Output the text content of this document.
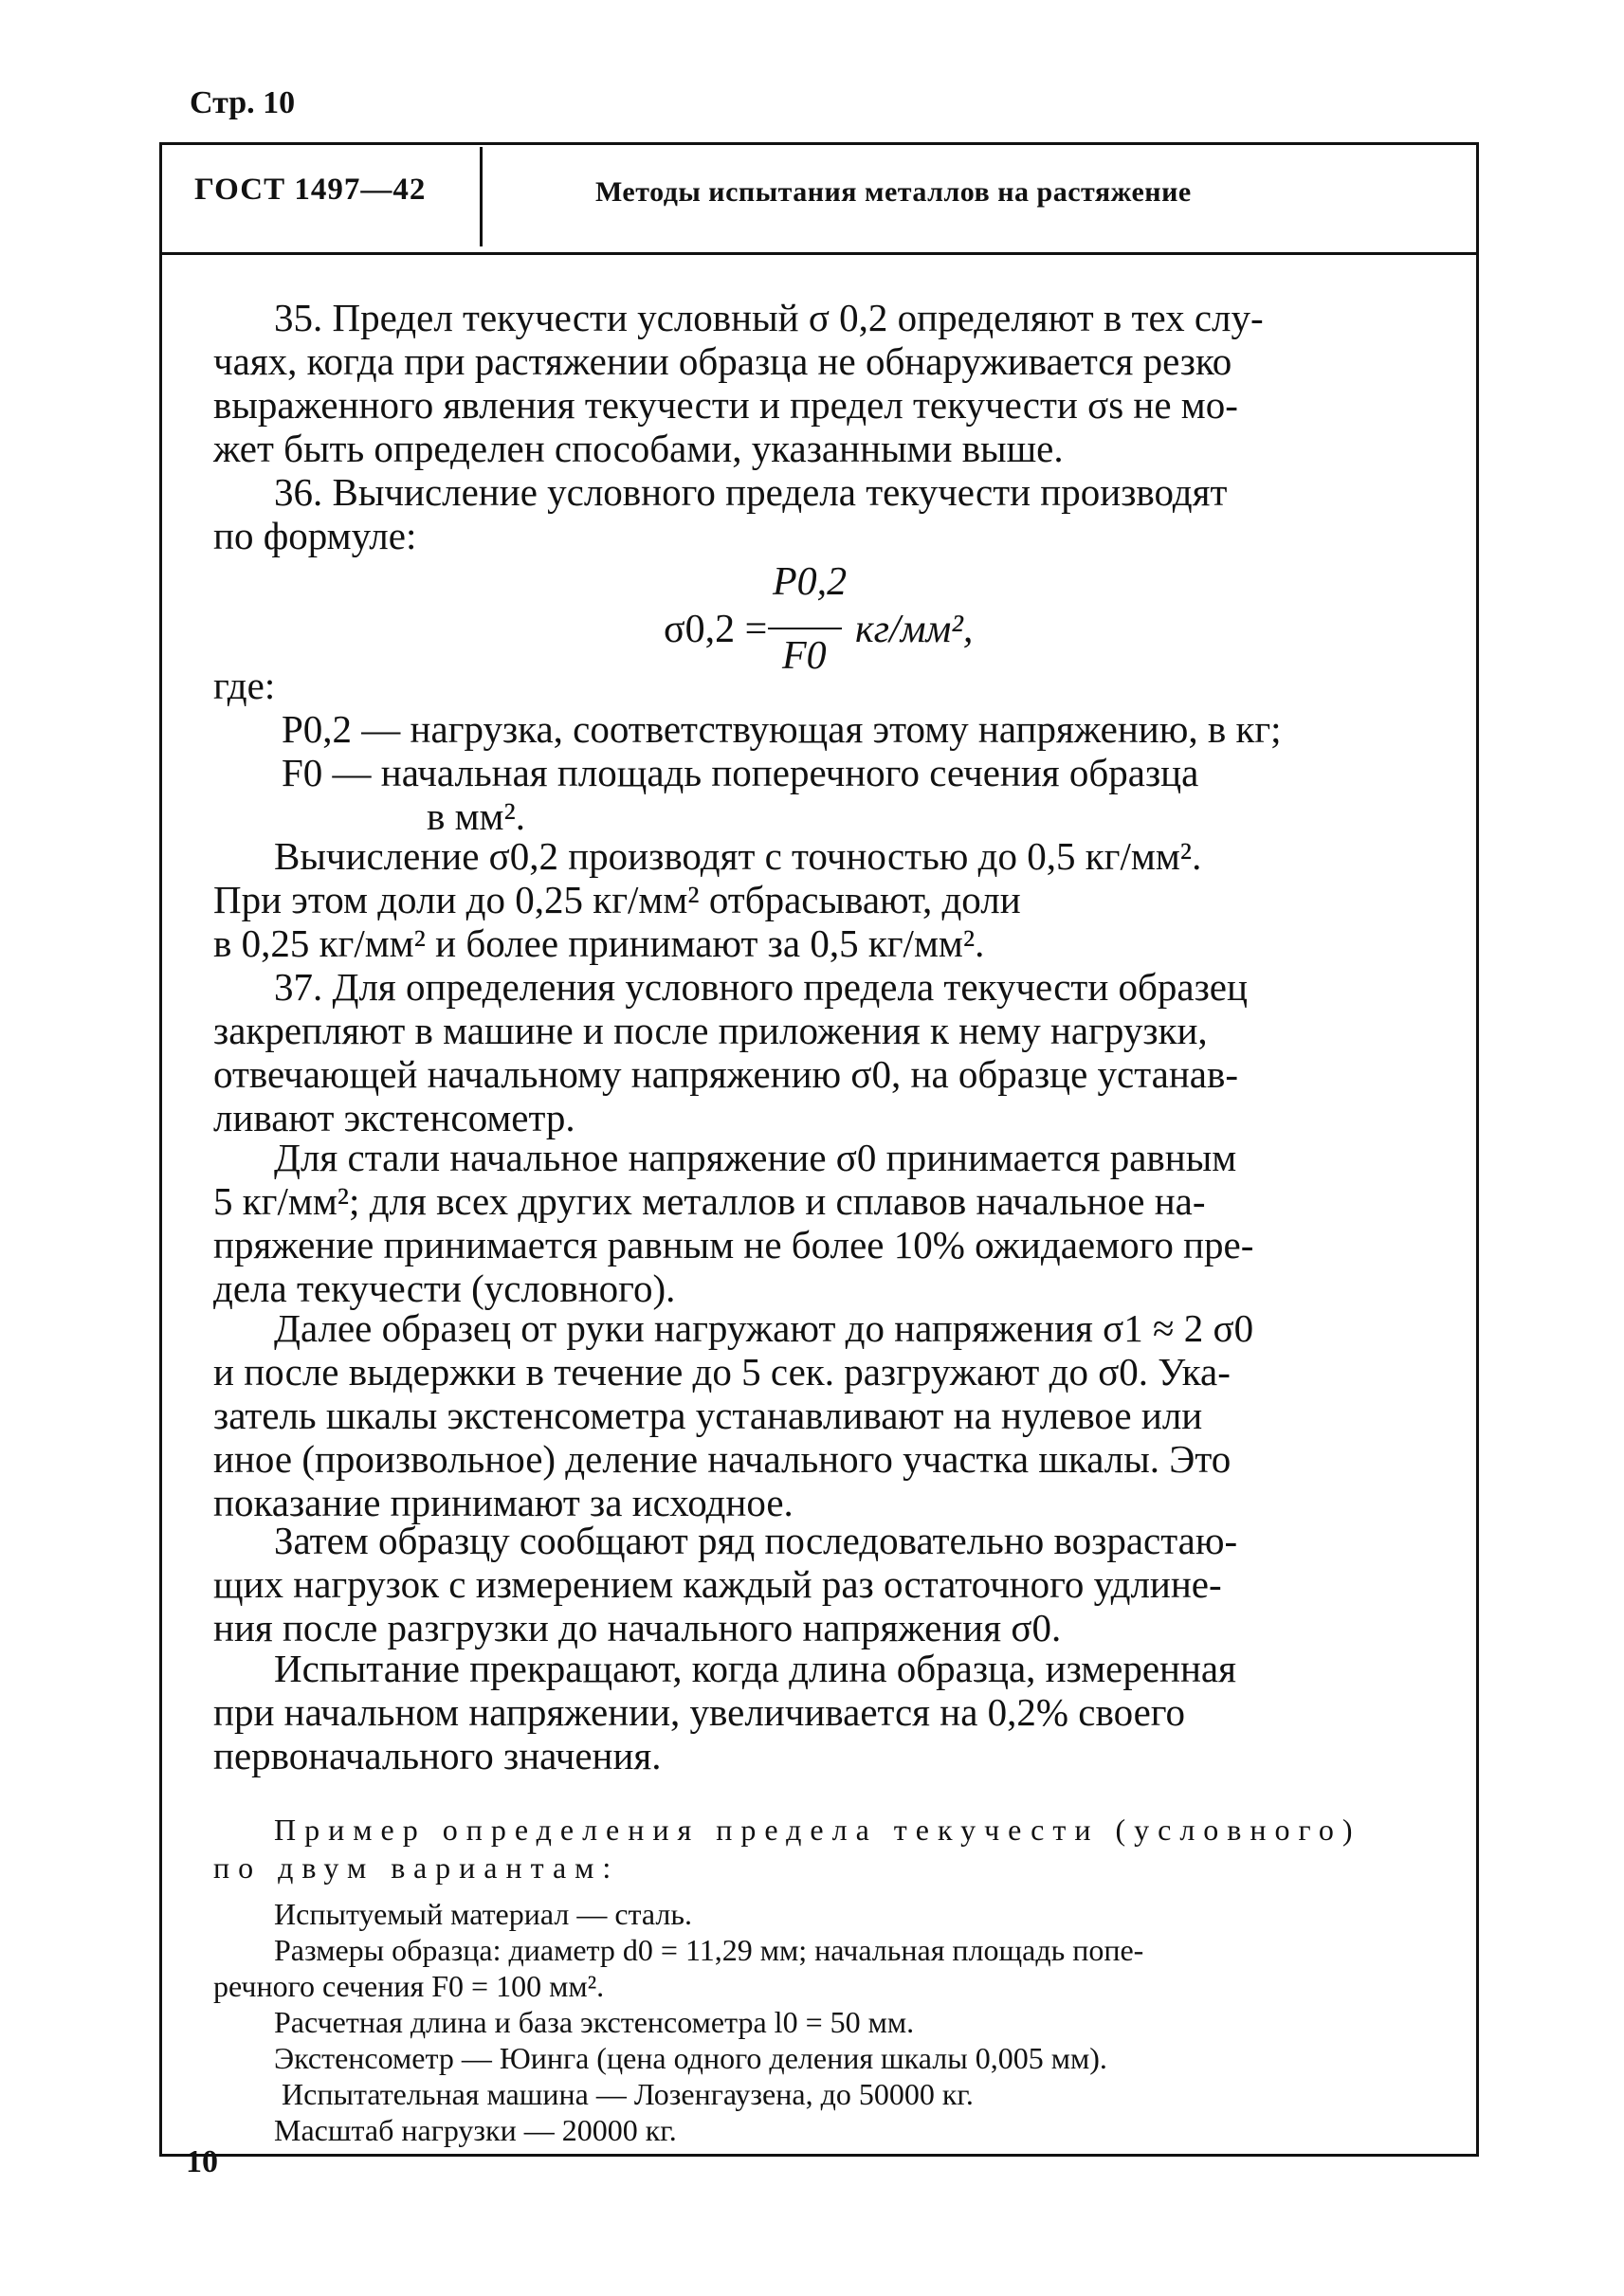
Стр. 10
ГОСТ 1497—42	Методы испытания металлов на растяжение
35. Предел текучести условный σ 0,2 определяют в тех слу-
чаях, когда при растяжении образца не обнаруживается резко
выраженного явления текучести и предел текучести σs не мо-
жет быть определен способами, указанными выше.
36. Вычисление условного предела текучести производят
по формуле:
σ0,2 =
P0,2
F0
кг/мм²,
где:
P0,2 — нагрузка, соответствующая этому напряжению, в кг;
F0 — начальная площадь поперечного сечения образца
в мм².
Вычисление σ0,2 производят с точностью до 0,5 кг/мм².
При этом доли до 0,25 кг/мм² отбрасывают, доли
в 0,25 кг/мм² и более принимают за 0,5 кг/мм².
37. Для определения условного предела текучести образец
закрепляют в машине и после приложения к нему нагрузки,
отвечающей начальному напряжению σ0, на образце устанав-
ливают экстенсометр.
Для стали начальное напряжение σ0 принимается равным
5 кг/мм²; для всех других металлов и сплавов начальное на-
пряжение принимается равным не более 10% ожидаемого пре-
дела текучести (условного).
Далее образец от руки нагружают до напряжения σ1 ≈ 2 σ0
и после выдержки в течение до 5 сек. разгружают до σ0. Ука-
затель шкалы экстенсометра устанавливают на нулевое или
иное (произвольное) деление начального участка шкалы. Это
показание принимают за исходное.
Затем образцу сообщают ряд последовательно возрастаю-
щих нагрузок с измерением каждый раз остаточного удлине-
ния после разгрузки до начального напряжения σ0.
Испытание прекращают, когда длина образца, измеренная
при начальном напряжении, увеличивается на 0,2% своего
первоначального значения.
Пример определения предела текучести (условного)
по двум вариантам:
Испытуемый материал — сталь.
Размеры образца: диаметр d0 = 11,29 мм; начальная площадь попе-
речного сечения F0 = 100 мм².
Расчетная длина и база экстенсометра l0 = 50 мм.
Экстенсометр — Юинга (цена одного деления шкалы 0,005 мм).
Испытательная машина — Лозенгаузена, до 50000 кг.
Масштаб нагрузки — 20000 кг.
10
